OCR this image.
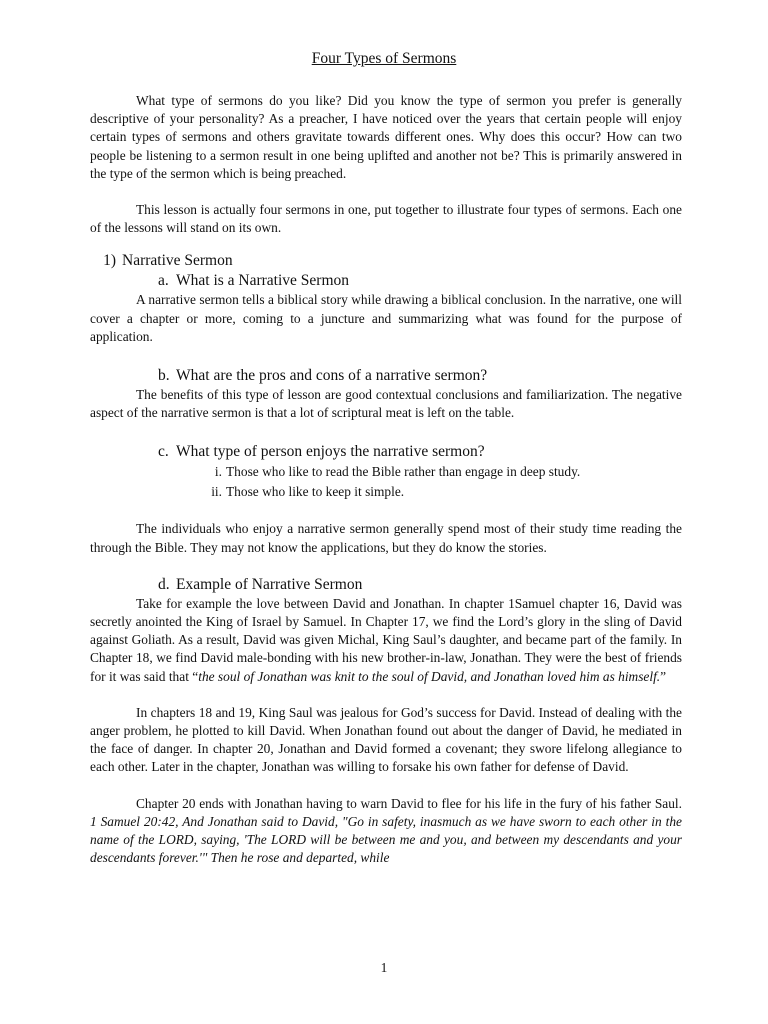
Four Types of Sermons

What type of sermons do you like? Did you know the type of sermon you prefer is generally descriptive of your personality? As a preacher, I have noticed over the years that certain people will enjoy certain types of sermons and others gravitate towards different ones. Why does this occur? How can two people be listening to a sermon result in one being uplifted and another not be? This is primarily answered in the type of the sermon which is being preached.

This lesson is actually four sermons in one, put together to illustrate four types of sermons. Each one of the lessons will stand on its own.

1) Narrative Sermon
a. What is a Narrative Sermon

A narrative sermon tells a biblical story while drawing a biblical conclusion. In the narrative, one will cover a chapter or more, coming to a juncture and summarizing what was found for the purpose of application.

b. What are the pros and cons of a narrative sermon?

The benefits of this type of lesson are good contextual conclusions and familiarization. The negative aspect of the narrative sermon is that a lot of scriptural meat is left on the table.

c. What type of person enjoys the narrative sermon?
i. Those who like to read the Bible rather than engage in deep study.
ii. Those who like to keep it simple.

The individuals who enjoy a narrative sermon generally spend most of their study time reading the through the Bible. They may not know the applications, but they do know the stories.

d. Example of Narrative Sermon

Take for example the love between David and Jonathan. In chapter 1Samuel chapter 16, David was secretly anointed the King of Israel by Samuel. In Chapter 17, we find the Lord’s glory in the sling of David against Goliath. As a result, David was given Michal, King Saul’s daughter, and became part of the family. In Chapter 18, we find David male-bonding with his new brother-in-law, Jonathan. They were the best of friends for it was said that “the soul of Jonathan was knit to the soul of David, and Jonathan loved him as himself.”

In chapters 18 and 19, King Saul was jealous for God’s success for David. Instead of dealing with the anger problem, he plotted to kill David. When Jonathan found out about the danger of David, he mediated in the face of danger. In chapter 20, Jonathan and David formed a covenant; they swore lifelong allegiance to each other. Later in the chapter, Jonathan was willing to forsake his own father for defense of David.

Chapter 20 ends with Jonathan having to warn David to flee for his life in the fury of his father Saul. 1 Samuel 20:42, And Jonathan said to David, "Go in safety, inasmuch as we have sworn to each other in the name of the LORD, saying, 'The LORD will be between me and you, and between my descendants and your descendants forever.'" Then he rose and departed, while

1
